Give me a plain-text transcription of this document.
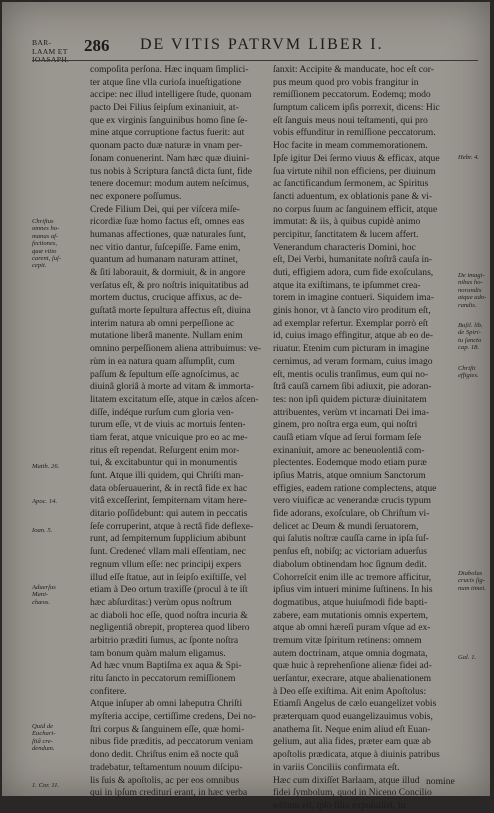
BAR-
LAAM ET 286 DE VITIS PATRVM LIBER I.
compoſita perſona. Hæc inquam ſimplici-
ter atque ſine vlla curioſa inueſtigatione
accipe: nec illud intelligere ſtude, quonam
pacto Dei Filius ſeipſum exinaniuit, at-
que ex virginis ſanguinibus homo ſine ſe-
mine atque corruptione factus fuerit: aut
quonam pacto duæ naturæ in vnam per-
ſonam conuenerint. Nam hæc quæ diuini-
tus nobis à Scriptura ſanctâ dicta ſunt, fide
tenere docemur: modum autem neſcimus,
nec exponere poſſumus.
Crede Filium Dei, qui per viſcera miſe-
ricordiæ ſuæ homo factus eſt, omnes eas
humanas affectiones, quæ naturales ſunt,
nec vitio dantur, ſuſcepiſſe. Fame enim,
quantum ad humanam naturam attinet,
& ſiti laborauit, & dormiuit, & in angore
verſatus eſt, & pro noſtris iniquitatibus ad
mortem ductus, crucique affixus, ac de-
guſtatâ morte ſepultura affectus eſt, diuina
interim natura ab omni perpeſſione ac
mutatione liberâ manente. Nullam enim
omnino perpeſſionem aliena attribuimus: ve-
rùm in ea natura quam aſſumpſit, cum
paſſum & ſepultum eſſe agnoſcimus, ac
diuinâ gloriâ à morte ad vitam & immorta-
litatem excitatum eſſe, atque in cælos aſcen-
diſſe, indéque rurſum cum gloria ven-
turum eſſe, vt de viuis ac mortuis ſenten-
tiam ferat, atque vnicuique pro eo ac me-
ritus eſt rependat. Reſurgent enim mor-
tui, & excitabuntur qui in monumentis
ſunt. Atque illi quidem, qui Chriſti man-
data obſeruauerint, & in rectâ fide ex hac
vitâ exceſſerint, ſempiternam vitam here-
ditario poſſidebunt: qui autem in peccatis
ſeſe corruperint, atque à rectâ fide deflexe-
runt, ad ſempiternum ſupplicium abibunt
ſunt. Credeneć vllam mali eſſentiam, nec
regnum vllum eſſe: nec principij expers
illud eſſe ſtatue, aut in ſeipſo exiſtiſſe, vel
etiam à Deo ortum traxiſſe (procul à te iſt
hæc abſurditas:) verùm opus noſtrum
ac diaboli hoc eſſe, quod noſtra incuria &
negligentiâ obrepit, propterea quod libero
arbitrio præditi ſumus, ac ſponte noſtra
tam bonum quàm malum eligamus.
Ad hæc vnum Baptiſma ex aqua & Spi-
ritu ſancto in peccatorum remiſſionem
confitere.
Atque inſuper ab omni labeputra Chriſti
myſteria accipe, certiſſime credens, Dei no-
ſtri corpus & ſanguinem eſſe, quæ homi-
nibus fide præditis, ad peccatorum veniam
dono dedit. Chriſtus enim eâ nocte quâ
tradebatur, teſtamentum nouum diſcipu-
lis ſuis & apoſtolis, ac per eos omnibus
qui in ipſum crediturí erant, in hæc verba
ſanxit: Accipite & manducate, hoc eſt cor-
pus meum quod pro vobis frangitur in
remiſſionem peccatorum. Eodemq; modo
ſumptum calicem ipſis porrexit, dicens: Hic
eſt ſanguis meus noui teſtamenti, qui pro
vobis effunditur in remiſſione peccatorum.
Hoc facite in meam commemorationem.
Ipſe igitur Dei ſermo viuus & efficax, atque
ſua virtute nihil non efficiens, per diuinum
ac ſanctificandum ſermonem, ac Spiritus
ſancti aduentum, ex oblationis pane & vi-
no corpus ſuum ac ſanguinem efficit, atque
immutat: & iis, à quibus cupidè animo
percipitur, ſanctitatem & lucem affert.
Venerandum characteris Domini, hoc
eſt, Dei Verbi, humanitate noſtrâ cauſa in-
duti, effigiem adora, cum fide exoſculans,
atque ita exiſtimans, te ipſummet crea-
torem in imagine contueri. Siquidem ima-
ginis honor, vt à ſancto viro proditum eſt,
ad exemplar refertur. Exemplar porrò eſt
id, cuius imago effingitur, atque ab eo de-
riuatur. Etenim cum picturam in imagine
cernimus, ad veram formam, cuius imago
eſt, mentis oculis tranſimus, eum qui no-
ſtrâ cauſâ carnem ſibi adiuxit, pie adoran-
tes: non ipſi quidem picturæ diuinitatem
attribuentes, verùm vt incarnati Dei ima-
ginem, pro noſtra erga eum, qui noſtri
cauſâ etiam vſque ad ſerui formam ſeſe
exinaniuit, amore ac beneuolentiâ com-
plectentes. Eodemque modo etiam puræ
ipſius Matris, atque omnium Sanctorum
effigies, eadem ratione complectens, atque
vero viuificæ ac venerandæ crucis typum
fide adorans, exoſculare, ob Chriſtum vi-
delicet ac Deum & mundi ſeruatorem,
qui ſalutis noſtræ cauſſa carne in ipſa ſuſ-
penſus eſt, nobiſq; ac victoriam aduerſus
diabolum obtinendam hoc ſignum dedit.
Cohorreſcit enim ille ac tremore afficitur,
ipſius vim intueri minime ſuſtinens. In his
dogmatibus, atque huiuſmodi fide bapti-
zabere, eam mutationis omnis expertem,
atque ab omni hæreſi puram vſque ad ex-
tremum vitæ ſpiritum retinens: omnem
autem doctrinam, atque omnia dogmata,
quæ huic à reprehenſione alienæ fidei ad-
uerſantur, execrare, atque abalienationem
à Deo eſſe exiſtima. Ait enim Apoſtolus:
Etiamſi Angelus de cælo euangelizet vobis
præterquam quod euangelizauimus vobis,
anathema ſit. Neque enim aliud eſt Euan-
gelium, aut alia fides, præter eam quæ ab
apoſtolis prædicata, atque à diuinis patribus
in variis Conciliis confirmata eſt.
Hæc cum dixiſſet Barlaam, atque illud
fidei ſymbolum, quod in Niceno Concilio
editum eſt, ipſo filio expoſuiſſet, in
Chriſtus
omnes ho-
manas af-
fectiones,
quæ vitio
carent, ſuſ-
cepit.
Matth. 26.
Apoc. 14.
Ioan. 5.
Aduerſus
Mani-
chæos.
Quid de
Euchari-
ſtiâ cre-
dendum.
1. Cor. 11.
Hebr. 4.
De imagi-
nibus ho-
norandis
atque ado-
randis.
Baſil. lib.
de Spiri-
tu ſancto
cap. 18.
Chriſti
effigies.
Diabolus
crucis ſig-
num timet.
Gal. 1.
nomine
